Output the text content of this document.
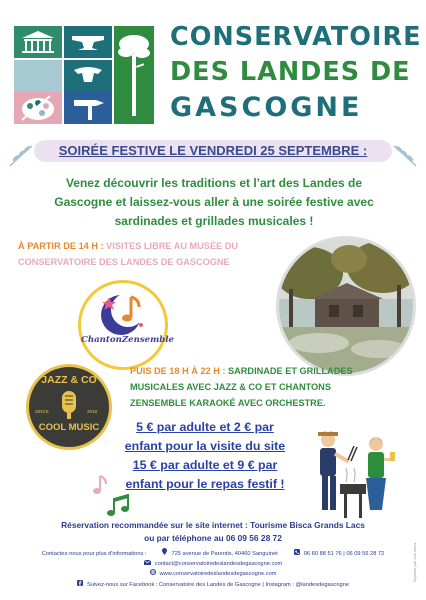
CONSERVATOIRE
DES LANDES DE
GASCOGNE
SOIRÉE FESTIVE LE VENDREDI 25 SEPTEMBRE :
Venez découvrir les traditions et l’art des Landes de
Gascogne et laissez-vous aller à une soirée festive avec
sardinades et grillades musicales !
À PARTIR DE 14 H : VISITES LIBRE AU MUSÉE DU
CONSERVATOIRE DES LANDES DE GASCOGNE
ChantonZensemble
JAZZ & CO
SINCE	2018
COOL MUSIC
PUIS DE 18 H À 22 H : SARDINADE ET GRILLADES
MUSICALES AVEC JAZZ & CO ET CHANTONS
ZENSEMBLE KARAOKÉ AVEC ORCHESTRE.
5 € par adulte et 2 € par
enfant pour la visite du site
15 € par adulte et 9 € par
enfant pour le repas festif !
Réservation recommandée sur le site internet : Tourisme Bisca Grands Lacs
ou par téléphone au 06 09 56 28 72
Contactez-nous pour plus d'informations :	725 avenue de Parentis, 40460 Sanguinet	06 60 88 51 76 | 06 09 56 28 72
contact@conservatoiredeslandesdegascogne.com
www.conservatoiredeslandesdegascogne.com
Suivez-nous sur Facebook : Conservatoire des Landes de Gascogne | Instagram : @landesdegascogne
Imprimé par nos soins
